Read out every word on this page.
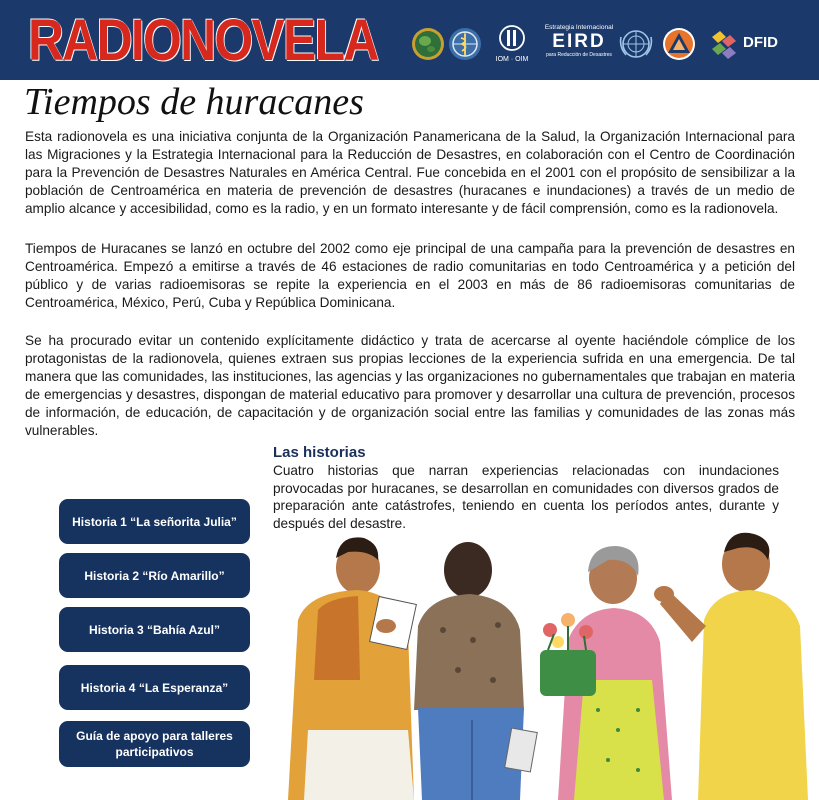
RADIONOVELA	IOM · OIM
Estrategia Internacional
EIRD
para Reducción de Desastres
DFID
Tiempos de huracanes

Esta radionovela es una iniciativa conjunta de la Organización Panamericana de la Salud, la Organización Internacional para las Migraciones y la Estrategia Internacional para la Reducción de Desastres, en colaboración con el Centro de Coordinación para la Prevención de Desastres Naturales en América Central. Fue concebida en el 2001 con el propósito de sensibilizar a la población de Centroamérica en materia de prevención de desastres (huracanes e inundaciones) a través de un medio de amplio alcance y accesibilidad, como es la radio, y en un formato interesante y de fácil comprensión, como es la radionovela.

Tiempos de Huracanes se lanzó en octubre del 2002 como eje principal de una campaña para la prevención de desastres en Centroamérica. Empezó a emitirse a través de 46 estaciones de radio comunitarias en todo Centroamérica y a petición del público y de varias radioemisoras se repite la experiencia en el 2003 en más de 86 radioemisoras comunitarias de Centroamérica, México, Perú, Cuba y República Dominicana.

Se ha procurado evitar un contenido explícitamente didáctico y trata de acercarse al oyente haciéndole cómplice de los protagonistas de la radionovela, quienes extraen sus propias lecciones de la experiencia sufrida en una emergencia. De tal manera que las comunidades, las instituciones, las agencias y las organizaciones no gubernamentales que trabajan en materia de emergencias y desastres, dispongan de material educativo para promover y desarrollar una cultura de prevención, procesos de información, de educación, de capacitación y de organización social entre las familias y comunidades de las zonas más vulnerables.

Las historias

Cuatro historias que narran experiencias relacionadas con inundaciones provocadas por huracanes, se desarrollan en comunidades con diversos grados de preparación ante catástrofes, teniendo en cuenta los períodos antes, durante y después del desastre.

Historia 1 “La señorita Julia”
Historia 2 “Río Amarillo”
Historia 3 “Bahía Azul”
Historia 4 “La Esperanza”
Guía de apoyo para talleres participativos
